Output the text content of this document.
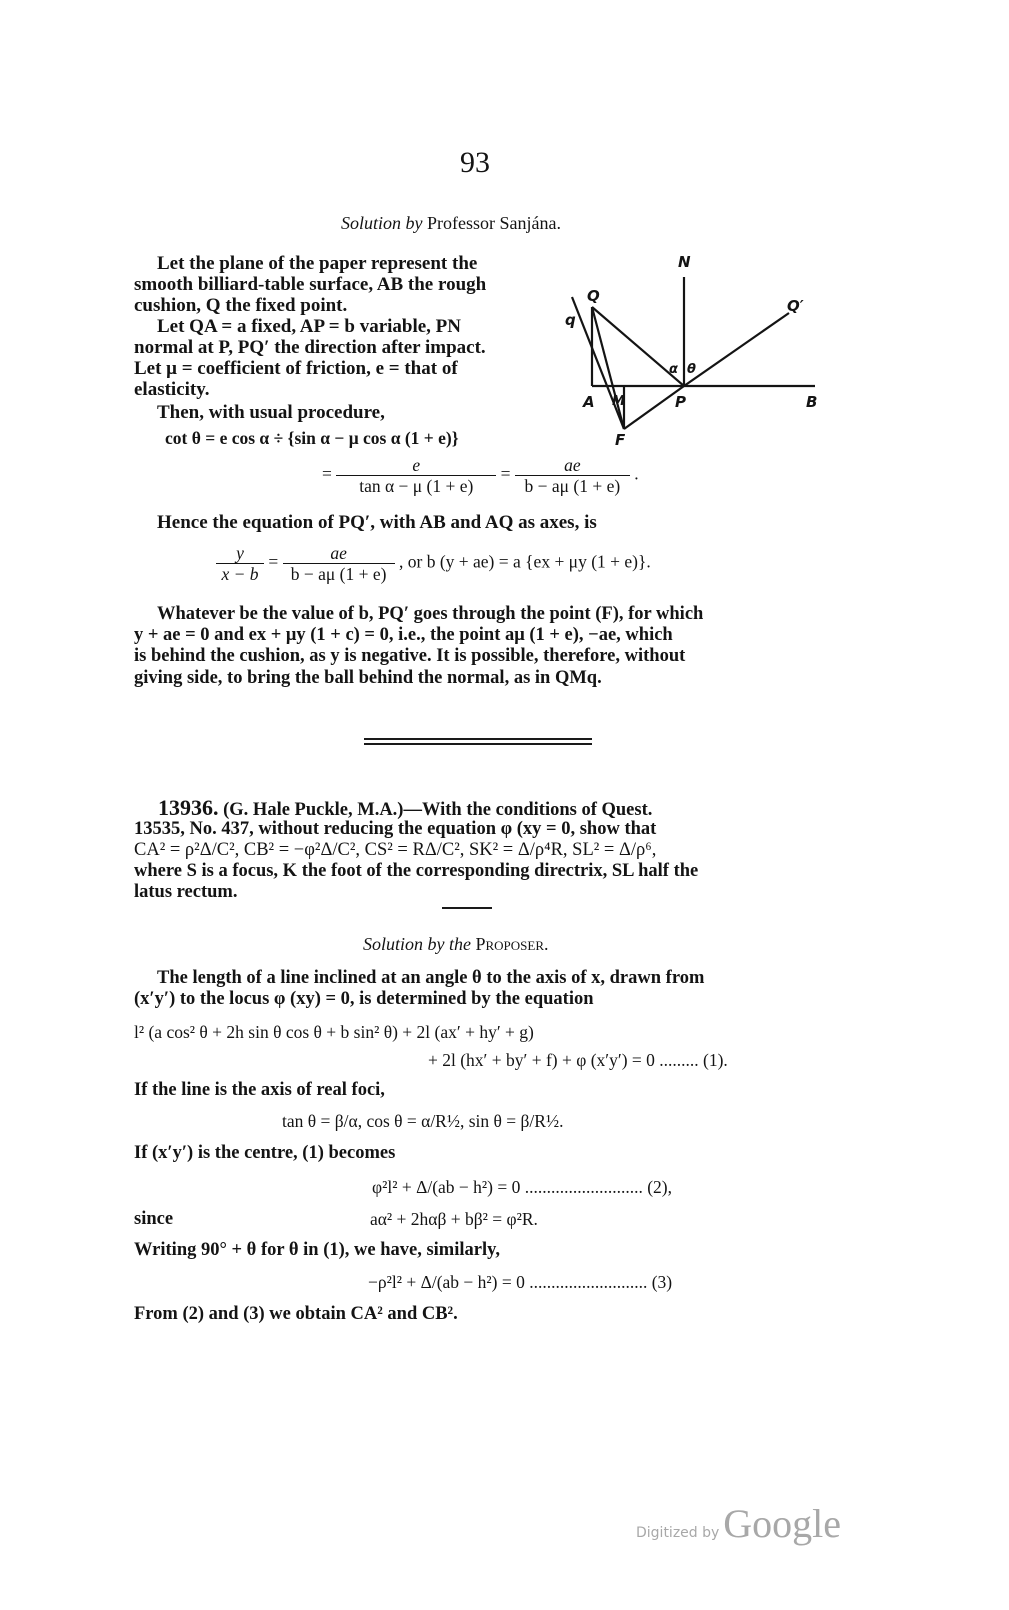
93
Solution by Professor Sanjána.
Let the plane of the paper represent the
smooth billiard-table surface, AB the rough
cushion, Q the fixed point.
Let QA = a fixed, AP = b variable, PN
normal at P, PQ′ the direction after impact.
Let μ = coefficient of friction, e = that of
elasticity.
Then, with usual procedure,
cot θ = e cos α ÷ {sin α − μ cos α (1 + e)}
= $\frac{e}{\text{tan α − μ (1 + e)}} = \frac{ae}{b - a\mu (1 + e)}$ .
Hence the equation of PQ′, with AB and AQ as axes, is
$\frac{y}{x - b} = \frac{ae}{b - a\mu (1 + e)}$ , or b (y + ae) = a {ex + μy (1 + e)}.
Whatever be the value of b, PQ′ goes through the point (F), for which
y + ae = 0 and ex + μy (1 + c) = 0, i.e., the point aμ (1 + e), −ae, which
is behind the cushion, as y is negative. It is possible, therefore, without
giving side, to bring the ball behind the normal, as in QMq.
N
Q
Q′
q
α θ
A M	P	B
F
13936. (G. Hale Puckle, M.A.)—With the conditions of Quest.
13535, No. 437, without reducing the equation φ (xy = 0, show that
CA² = ρ²Δ/C², CB² = −φ²Δ/C², CS² = RΔ/C², SK² = Δ/ρ⁴R, SL² = Δ/ρ⁶,
where S is a focus, K the foot of the corresponding directrix, SL half the
latus rectum.
Solution by the Proposer.
The length of a line inclined at an angle θ to the axis of x, drawn from
(x′y′) to the locus φ (xy) = 0, is determined by the equation
l² (a cos² θ + 2h sin θ cos θ + b sin² θ) + 2l (ax′ + hy′ + g)
+ 2l (hx′ + by′ + f) + φ (x′y′) = 0 ......... (1).
If the line is the axis of real foci,
tan θ = β/α, cos θ = α/R½, sin θ = β/R½.
If (x′y′) is the centre, (1) becomes
φ²l² + Δ/(ab − h²) = 0 ........................... (2),
since	aα² + 2hαβ + bβ² = φ²R.
Writing 90° + θ for θ in (1), we have, similarly,
−ρ²l² + Δ/(ab − h²) = 0 ........................... (3)
From (2) and (3) we obtain CA² and CB².
Digitized by Google
